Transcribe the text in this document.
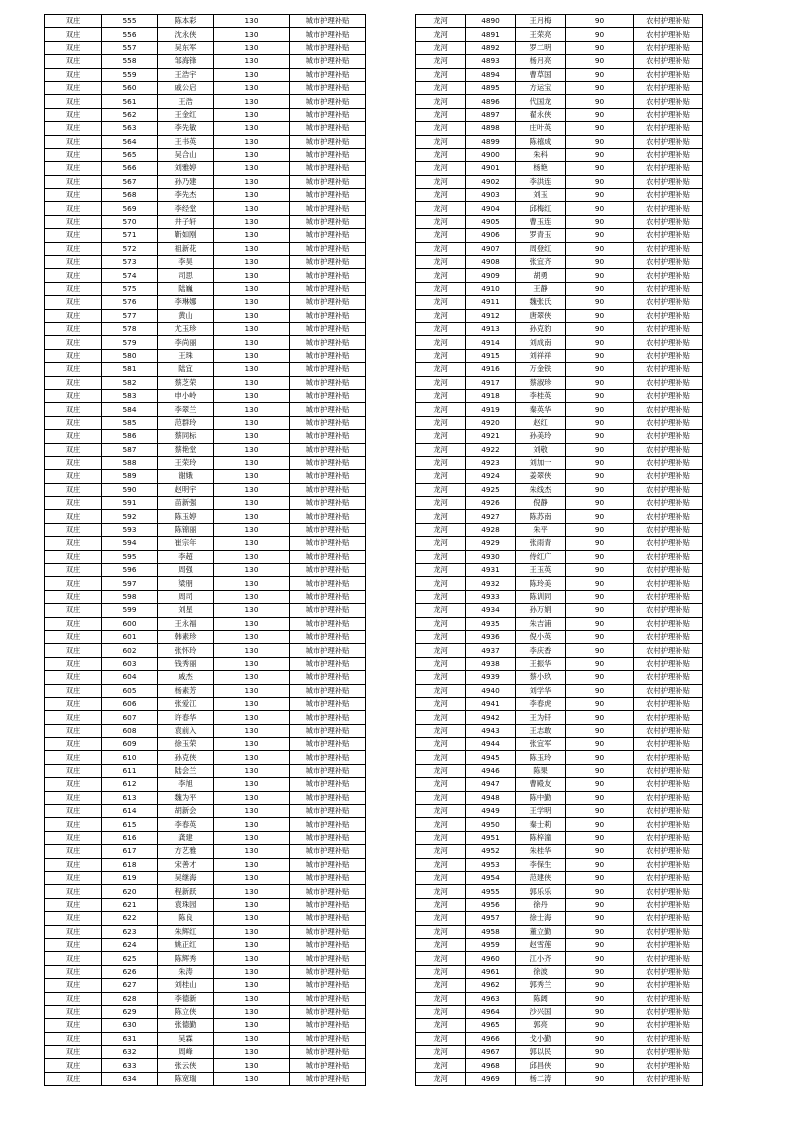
双庄	555	陈本彩	130	城市护理补贴
双庄	556	沈永侠	130	城市护理补贴
双庄	557	吴东军	130	城市护理补贴
双庄	558	邹海锋	130	城市护理补贴
双庄	559	王浩宇	130	城市护理补贴
双庄	560	戚公启	130	城市护理补贴
双庄	561	王浩	130	城市护理补贴
双庄	562	王金红	130	城市护理补贴
双庄	563	李先敏	130	城市护理补贴
双庄	564	王书英	130	城市护理补贴
双庄	565	吴合山	130	城市护理补贴
双庄	566	刘雅婷	130	城市护理补贴
双庄	567	孙乃建	130	城市护理补贴
双庄	568	李先杰	130	城市护理补贴
双庄	569	李经堂	130	城市护理补贴
双庄	570	井子轩	130	城市护理补贴
双庄	571	靳如刚	130	城市护理补贴
双庄	572	祖新花	130	城市护理补贴
双庄	573	李昊	130	城市护理补贴
双庄	574	司思	130	城市护理补贴
双庄	575	陆巍	130	城市护理补贴
双庄	576	李琳娜	130	城市护理补贴
双庄	577	黄山	130	城市护理补贴
双庄	578	尤玉珍	130	城市护理补贴
双庄	579	李尚丽	130	城市护理补贴
双庄	580	王珠	130	城市护理补贴
双庄	581	陆宜	130	城市护理补贴
双庄	582	蔡芝荣	130	城市护理补贴
双庄	583	申小岭	130	城市护理补贴
双庄	584	李翠兰	130	城市护理补贴
双庄	585	范群玲	130	城市护理补贴
双庄	586	蔡同标	130	城市护理补贴
双庄	587	蔡艳堂	130	城市护理补贴
双庄	588	王荣玲	130	城市护理补贴
双庄	589	谢娥	130	城市护理补贴
双庄	590	赵明宇	130	城市护理补贴
双庄	591	苗新强	130	城市护理补贴
双庄	592	陈玉婷	130	城市护理补贴
双庄	593	陈锦丽	130	城市护理补贴
双庄	594	崔宗年	130	城市护理补贴
双庄	595	李超	130	城市护理补贴
双庄	596	周强	130	城市护理补贴
双庄	597	梁朋	130	城市护理补贴
双庄	598	周司	130	城市护理补贴
双庄	599	刘星	130	城市护理补贴
双庄	600	王永福	130	城市护理补贴
双庄	601	韩素珍	130	城市护理补贴
双庄	602	张怀玲	130	城市护理补贴
双庄	603	钱秀丽	130	城市护理补贴
双庄	604	戚杰	130	城市护理补贴
双庄	605	杨素芳	130	城市护理补贴
双庄	606	张爱江	130	城市护理补贴
双庄	607	许春华	130	城市护理补贴
双庄	608	袁前入	130	城市护理补贴
双庄	609	徐玉荣	130	城市护理补贴
双庄	610	孙克侠	130	城市护理补贴
双庄	611	陆会兰	130	城市护理补贴
双庄	612	李旭	130	城市护理补贴
双庄	613	魏为平	130	城市护理补贴
双庄	614	胡新会	130	城市护理补贴
双庄	615	李春英	130	城市护理补贴
双庄	616	龚建	130	城市护理补贴
双庄	617	方艺雅	130	城市护理补贴
双庄	618	宋善才	130	城市护理补贴
双庄	619	吴继海	130	城市护理补贴
双庄	620	程新跃	130	城市护理补贴
双庄	621	袁珠园	130	城市护理补贴
双庄	622	陈良	130	城市护理补贴
双庄	623	朱辉红	130	城市护理补贴
双庄	624	姚正红	130	城市护理补贴
双庄	625	陈辉秀	130	城市护理补贴
双庄	626	朱涛	130	城市护理补贴
双庄	627	刘桂山	130	城市护理补贴
双庄	628	李德新	130	城市护理补贴
双庄	629	陈立侠	130	城市护理补贴
双庄	630	张德勤	130	城市护理补贴
双庄	631	吴霖	130	城市护理补贴
双庄	632	周峰	130	城市护理补贴
双庄	633	张云侠	130	城市护理补贴
双庄	634	陈宽瑞	130	城市护理补贴
龙河	4890	王月梅	90	农村护理补贴
龙河	4891	王荣亮	90	农村护理补贴
龙河	4892	罗二明	90	农村护理补贴
龙河	4893	杨月亮	90	农村护理补贴
龙河	4894	曹草国	90	农村护理补贴
龙河	4895	方运宝	90	农村护理补贴
龙河	4896	代国龙	90	农村护理补贴
龙河	4897	翟永侠	90	农村护理补贴
龙河	4898	庄叶英	90	农村护理补贴
龙河	4899	陈禧成	90	农村护理补贴
龙河	4900	朱科	90	农村护理补贴
龙河	4901	杨艳	90	农村护理补贴
龙河	4902	李洪连	90	农村护理补贴
龙河	4903	刘玉	90	农村护理补贴
龙河	4904	邱梅红	90	农村护理补贴
龙河	4905	曹玉连	90	农村护理补贴
龙河	4906	罗青玉	90	农村护理补贴
龙河	4907	周登红	90	农村护理补贴
龙河	4908	张宜齐	90	农村护理补贴
龙河	4909	胡勇	90	农村护理补贴
龙河	4910	王静	90	农村护理补贴
龙河	4911	魏张氏	90	农村护理补贴
龙河	4912	唐翠侠	90	农村护理补贴
龙河	4913	孙克豹	90	农村护理补贴
龙河	4914	刘成南	90	农村护理补贴
龙河	4915	刘祥祥	90	农村护理补贴
龙河	4916	万金铁	90	农村护理补贴
龙河	4917	蔡淑珍	90	农村护理补贴
龙河	4918	李桂英	90	农村护理补贴
龙河	4919	秦英华	90	农村护理补贴
龙河	4920	赵红	90	农村护理补贴
龙河	4921	孙美玲	90	农村护理补贴
龙河	4922	刘敬	90	农村护理补贴
龙河	4923	刘加一	90	农村护理补贴
龙河	4924	姜翠侠	90	农村护理补贴
龙河	4925	朱线杰	90	农村护理补贴
龙河	4926	倪静	90	农村护理补贴
龙河	4927	陈苏南	90	农村护理补贴
龙河	4928	朱平	90	农村护理补贴
龙河	4929	张雨青	90	农村护理补贴
龙河	4930	侍红广	90	农村护理补贴
龙河	4931	王玉英	90	农村护理补贴
龙河	4932	陈玲美	90	农村护理补贴
龙河	4933	陈训同	90	农村护理补贴
龙河	4934	孙万娟	90	农村护理补贴
龙河	4935	朱吉浦	90	农村护理补贴
龙河	4936	倪小英	90	农村护理补贴
龙河	4937	李庆香	90	农村护理补贴
龙河	4938	王振华	90	农村护理补贴
龙河	4939	蔡小玖	90	农村护理补贴
龙河	4940	刘学华	90	农村护理补贴
龙河	4941	李春虎	90	农村护理补贴
龙河	4942	王为钎	90	农村护理补贴
龙河	4943	王志敢	90	农村护理补贴
龙河	4944	张宜军	90	农村护理补贴
龙河	4945	陈玉玲	90	农村护理补贴
龙河	4946	陈果	90	农村护理补贴
龙河	4947	曹殿友	90	农村护理补贴
龙河	4948	陈中勤	90	农村护理补贴
龙河	4949	王学明	90	农村护理补贴
龙河	4950	秦士莉	90	农村护理补贴
龙河	4951	陈梓潼	90	农村护理补贴
龙河	4952	朱桂华	90	农村护理补贴
龙河	4953	李保生	90	农村护理补贴
龙河	4954	范建侠	90	农村护理补贴
龙河	4955	郭乐乐	90	农村护理补贴
龙河	4956	徐丹	90	农村护理补贴
龙河	4957	徐士海	90	农村护理补贴
龙河	4958	董立勤	90	农村护理补贴
龙河	4959	赵雪莲	90	农村护理补贴
龙河	4960	江小齐	90	农村护理补贴
龙河	4961	徐波	90	农村护理补贴
龙河	4962	郭秀兰	90	农村护理补贴
龙河	4963	陈阔	90	农村护理补贴
龙河	4964	沙兴国	90	农村护理补贴
龙河	4965	郭亮	90	农村护理补贴
龙河	4966	戈小勤	90	农村护理补贴
龙河	4967	郭以民	90	农村护理补贴
龙河	4968	邱昌侠	90	农村护理补贴
龙河	4969	杨二涛	90	农村护理补贴
